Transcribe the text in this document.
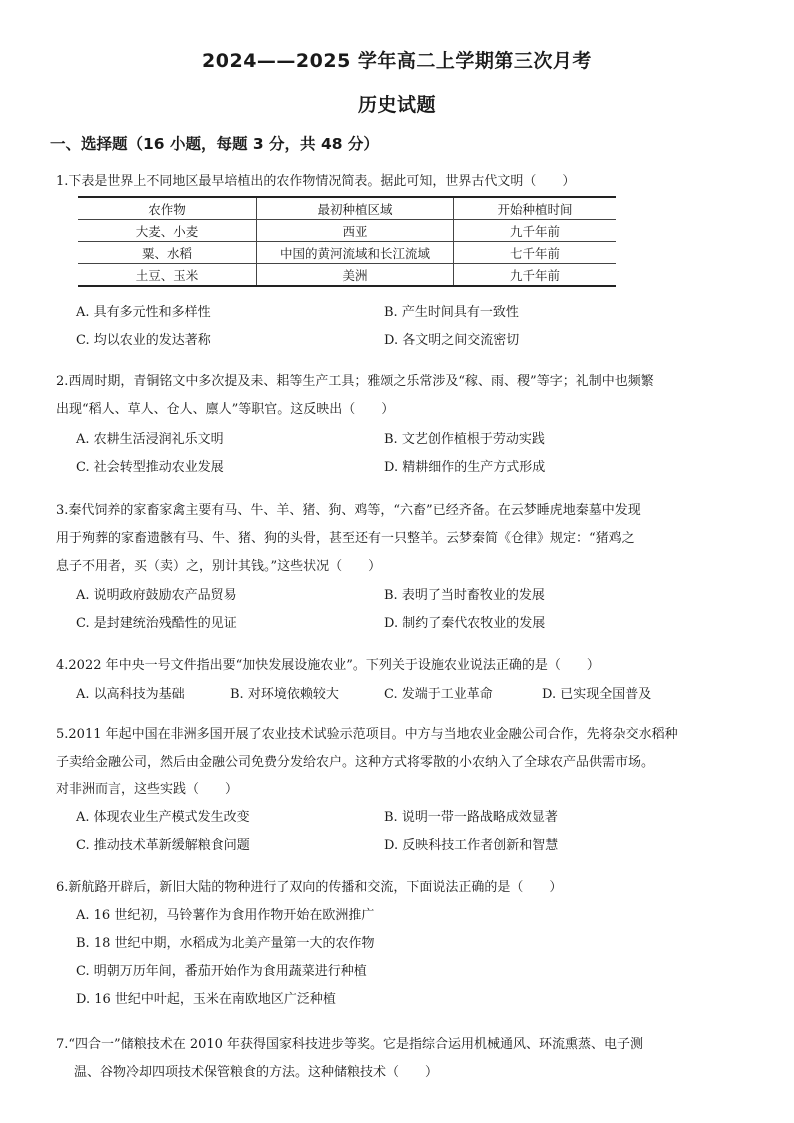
2024——2025 学年高二上学期第三次月考
历史试题
一、选择题（16 小题，每题 3 分，共 48 分）
1.下表是世界上不同地区最早培植出的农作物情况简表。据此可知，世界古代文明（　　）
农作物	最初种植区域	开始种植时间
大麦、小麦	西亚	九千年前
粟、水稻	中国的黄河流域和长江流域	七千年前
土豆、玉米	美洲	九千年前
A. 具有多元性和多样性	B. 产生时间具有一致性
C. 均以农业的发达著称	D. 各文明之间交流密切
2.西周时期，青铜铭文中多次提及耒、耜等生产工具；雅颂之乐常涉及“稼、雨、稷”等字；礼制中也频繁
出现“稻人、草人、仓人、廪人”等职官。这反映出（　　）
A. 农耕生活浸润礼乐文明	B. 文艺创作植根于劳动实践
C. 社会转型推动农业发展	D. 精耕细作的生产方式形成
3.秦代饲养的家畜家禽主要有马、牛、羊、猪、狗、鸡等，“六畜”已经齐备。在云梦睡虎地秦墓中发现
用于殉葬的家畜遗骸有马、牛、猪、狗的头骨，甚至还有一只整羊。云梦秦简《仓律》规定：“猪鸡之
息子不用者，买（卖）之，别计其钱。”这些状况（　　）
A. 说明政府鼓励农产品贸易	B. 表明了当时畜牧业的发展
C. 是封建统治残酷性的见证	D. 制约了秦代农牧业的发展
4.2022 年中央一号文件指出要“加快发展设施农业”。下列关于设施农业说法正确的是（　　）
A. 以高科技为基础	B. 对环境依赖较大	C. 发端于工业革命	D. 已实现全国普及
5.2011 年起中国在非洲多国开展了农业技术试验示范项目。中方与当地农业金融公司合作，先将杂交水稻种
子卖给金融公司，然后由金融公司免费分发给农户。这种方式将零散的小农纳入了全球农产品供需市场。
对非洲而言，这些实践（　　）
A. 体现农业生产模式发生改变	B. 说明一带一路战略成效显著
C. 推动技术革新缓解粮食问题	D. 反映科技工作者创新和智慧
6.新航路开辟后，新旧大陆的物种进行了双向的传播和交流，下面说法正确的是（　　）
A. 16 世纪初，马铃薯作为食用作物开始在欧洲推广
B. 18 世纪中期，水稻成为北美产量第一大的农作物
C. 明朝万历年间，番茄开始作为食用蔬菜进行种植
D. 16 世纪中叶起，玉米在南欧地区广泛种植
7.“四合一”储粮技术在 2010 年获得国家科技进步等奖。它是指综合运用机械通风、环流熏蒸、电子测
温、谷物冷却四项技术保管粮食的方法。这种储粮技术（　　）
